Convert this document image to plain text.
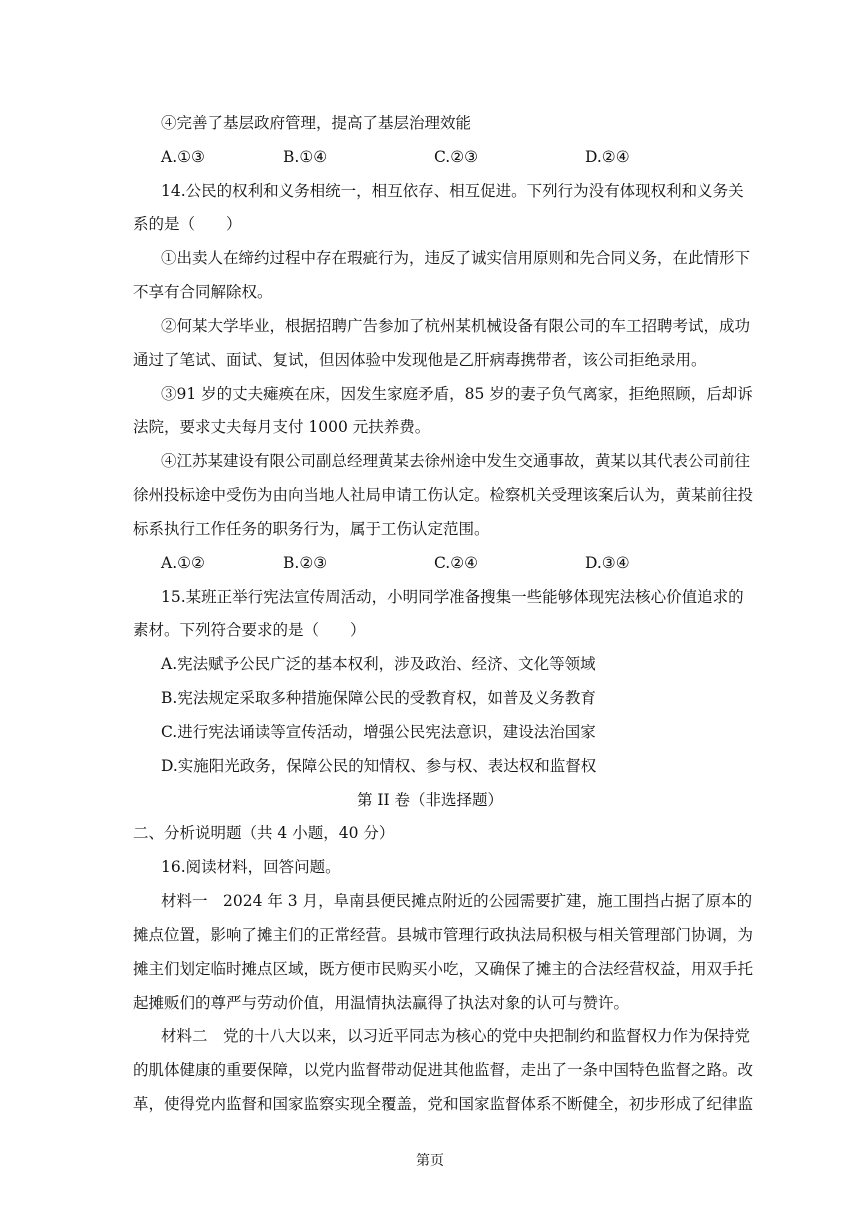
④完善了基层政府管理，提高了基层治理效能
A.①③	B.①④	C.②③	D.②④
14.公民的权利和义务相统一，相互依存、相互促进。下列行为没有体现权利和义务关
系的是（　　）
①出卖人在缔约过程中存在瑕疵行为，违反了诚实信用原则和先合同义务，在此情形下
不享有合同解除权。
②何某大学毕业，根据招聘广告参加了杭州某机械设备有限公司的车工招聘考试，成功
通过了笔试、面试、复试，但因体验中发现他是乙肝病毒携带者，该公司拒绝录用。
③91 岁的丈夫瘫痪在床，因发生家庭矛盾，85 岁的妻子负气离家，拒绝照顾，后却诉
法院，要求丈夫每月支付 1000 元扶养费。
④江苏某建设有限公司副总经理黄某去徐州途中发生交通事故，黄某以其代表公司前往
徐州投标途中受伤为由向当地人社局申请工伤认定。检察机关受理该案后认为，黄某前往投
标系执行工作任务的职务行为，属于工伤认定范围。
A.①②	B.②③	C.②④	D.③④
15.某班正举行宪法宣传周活动，小明同学准备搜集一些能够体现宪法核心价值追求的
素材。下列符合要求的是（　　）
A.宪法赋予公民广泛的基本权利，涉及政治、经济、文化等领域
B.宪法规定采取多种措施保障公民的受教育权，如普及义务教育
C.进行宪法诵读等宣传活动，增强公民宪法意识，建设法治国家
D.实施阳光政务，保障公民的知情权、参与权、表达权和监督权
第 II 卷（非选择题）
二、分析说明题（共 4 小题，40 分）
16.阅读材料，回答问题。
材料一　2024 年 3 月，阜南县便民摊点附近的公园需要扩建，施工围挡占据了原本的
摊点位置，影响了摊主们的正常经营。县城市管理行政执法局积极与相关管理部门协调，为
摊主们划定临时摊点区域，既方便市民购买小吃，又确保了摊主的合法经营权益，用双手托
起摊贩们的尊严与劳动价值，用温情执法赢得了执法对象的认可与赞许。
材料二　党的十八大以来，以习近平同志为核心的党中央把制约和监督权力作为保持党
的肌体健康的重要保障，以党内监督带动促进其他监督，走出了一条中国特色监督之路。改
革，使得党内监督和国家监察实现全覆盖，党和国家监督体系不断健全，初步形成了纪律监
第页
